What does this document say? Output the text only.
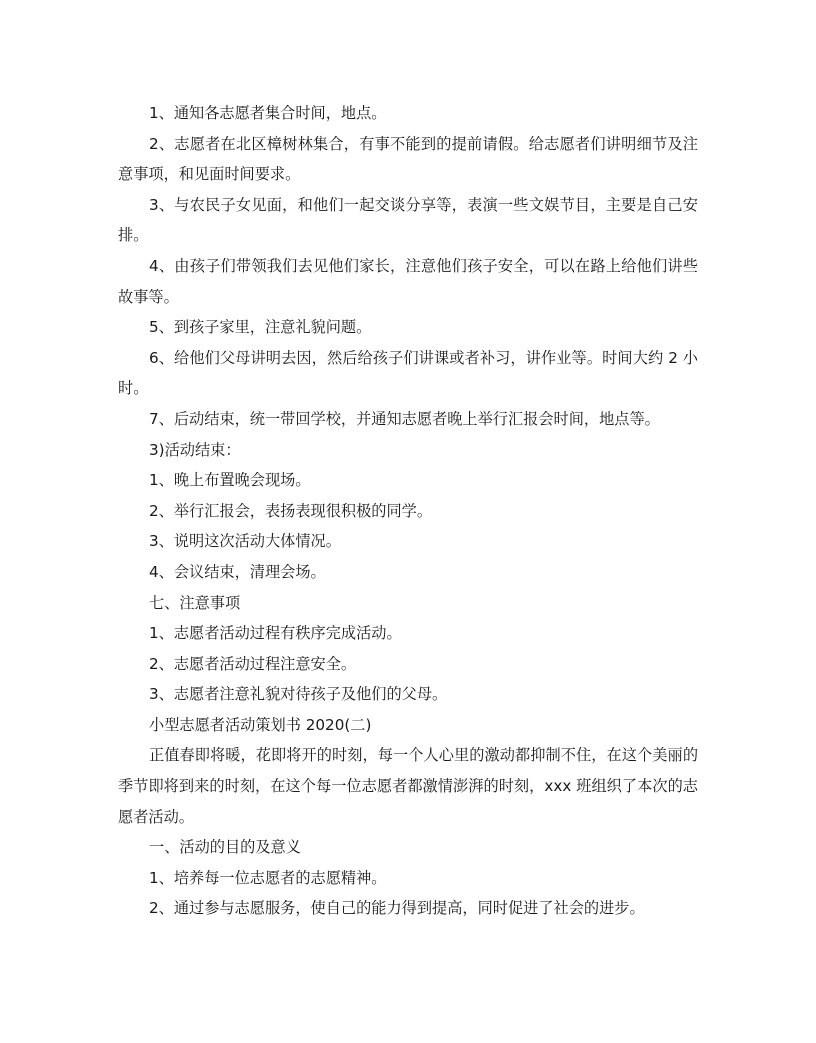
1、通知各志愿者集合时间，地点。

2、志愿者在北区樟树林集合，有事不能到的提前请假。给志愿者们讲明细节及注意事项，和见面时间要求。

3、与农民子女见面，和他们一起交谈分享等，表演一些文娱节目，主要是自己安排。

4、由孩子们带领我们去见他们家长，注意他们孩子安全，可以在路上给他们讲些故事等。

5、到孩子家里，注意礼貌问题。

6、给他们父母讲明去因，然后给孩子们讲课或者补习，讲作业等。时间大约 2 小时。

7、后动结束，统一带回学校，并通知志愿者晚上举行汇报会时间，地点等。

3)活动结束：

1、晚上布置晚会现场。

2、举行汇报会，表扬表现很积极的同学。

3、说明这次活动大体情况。

4、会议结束，清理会场。

七、注意事项

1、志愿者活动过程有秩序完成活动。

2、志愿者活动过程注意安全。

3、志愿者注意礼貌对待孩子及他们的父母。

小型志愿者活动策划书 2020(二)

正值春即将暖，花即将开的时刻，每一个人心里的激动都抑制不住，在这个美丽的季节即将到来的时刻，在这个每一位志愿者都激情澎湃的时刻，xxx 班组织了本次的志愿者活动。

一、活动的目的及意义

1、培养每一位志愿者的志愿精神。

2、通过参与志愿服务，使自己的能力得到提高，同时促进了社会的进步。
